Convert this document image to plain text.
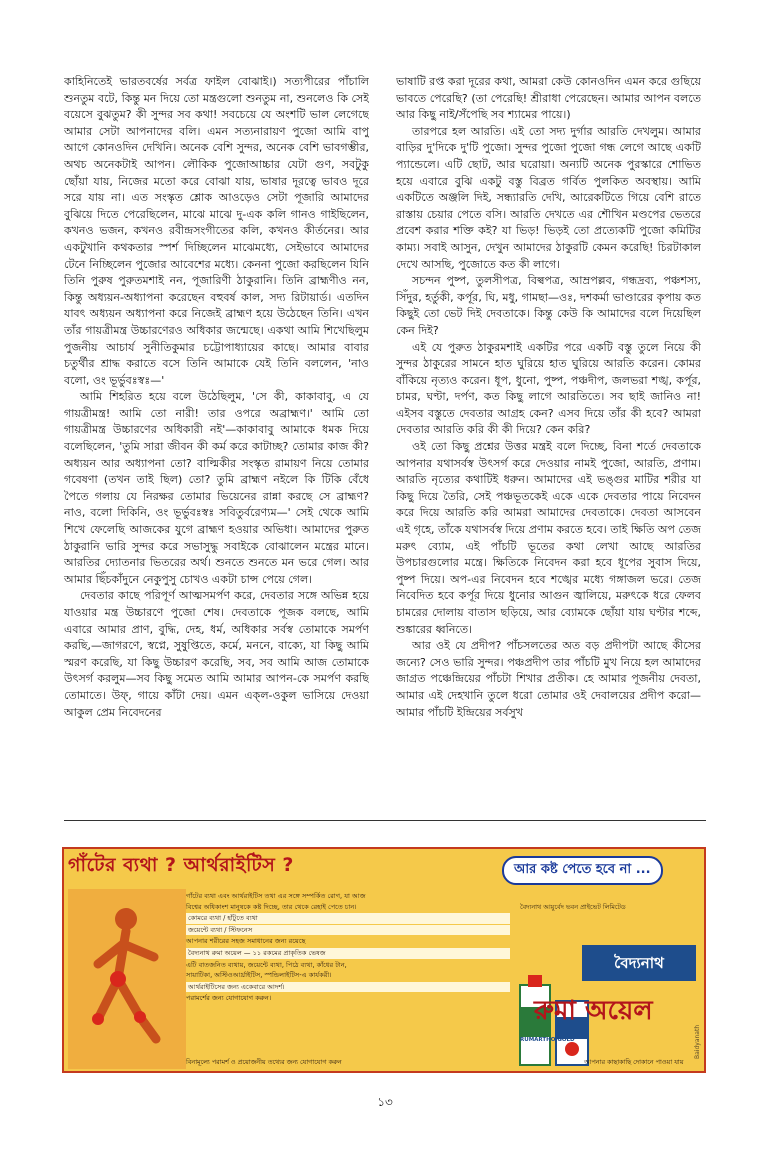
কাহিনিতেই ভারতবর্ষের সর্বত্র ফাইল বোঝাই।) সত্যপীরের পাঁচালি শুনতুম বটে, কিন্তু মন দিয়ে তো মন্ত্রগুলো শুনতুম না, শুনলেও কি সেই বয়েসে বুঝতুম? কী সুন্দর সব কথা! সবচেয়ে যে অংশটি ভাল লেগেছে আমার সেটা আপনাদের বলি। এমন সত্যনারায়ণ পুজো আমি বাপু আগে কোনওদিন দেখিনি। অনেক বেশি সুন্দর, অনেক বেশি ভাবগম্ভীর, অথচ অনেকটাই আপন। লৌকিক পুজোআচ্চার যেটা গুণ, সবটুকু ছোঁয়া যায়, নিজের মতো করে বোঝা যায়, ভাষার দূরত্বে ভাবও দূরে সরে যায় না। এত সংস্কৃত শ্লোক আওড়েও সেটা পূজারি আমাদের বুঝিয়ে দিতে পেরেছিলেন, মাঝে মাঝে দু-এক কলি গানও গাইছিলেন, কখনও ভজন, কখনও রবীন্দ্রসংগীতের কলি, কখনও কীর্তনের। আর একটুখানি কথকতার স্পর্শ দিচ্ছিলেন মাঝেমধ্যে, সেইভাবে আমাদের টেনে নিচ্ছিলেন পুজোর আবেশের মধ্যে। কেননা পুজো করছিলেন যিনি তিনি পুরুষ পুরুতমশাই নন, পূজারিণী ঠাকুরানি। তিনি ব্রাহ্মণীও নন, কিন্তু অধ্যয়ন-অধ্যাপনা করেছেন বহুবর্ষ কাল, সদ্য রিটায়ার্ড। এতদিন যাবৎ অধ্যয়ন অধ্যাপনা করে নিজেই ব্রাহ্মণ হয়ে উঠেছেন তিনি। এখন তাঁর গায়ত্রীমন্ত্র উচ্চারণেরও অধিকার জন্মেছে। একথা আমি শিখেছিলুম পুজনীয় আচার্য সুনীতিকুমার চট্টোপাধ্যায়ের কাছে। আমার বাবার চতুর্থীর শ্রাদ্ধ করাতে বসে তিনি আমাকে যেই তিনি বললেন, 'নাও বলো, ওং ভূর্ভুবঃস্বঃ—'

আমি শিহরিত হয়ে বলে উঠেছিলুম, 'সে কী, কাকাবাবু, এ যে গায়ত্রীমন্ত্র! আমি তো নারী! তার ওপরে অব্রাহ্মণ।' আমি তো গায়ত্রীমন্ত্র উচ্চারণের অধিকারী নই'—কাকাবাবু আমাকে ধমক দিয়ে বলেছিলেন, 'তুমি সারা জীবন কী কর্ম করে কাটাচ্ছ? তোমার কাজ কী? অধ্যয়ন আর অধ্যাপনা তো? বাল্মিকীর সংস্কৃত রামায়ণ নিয়ে তোমার গবেষণা (তখন তাই ছিল) তো? তুমি ব্রাহ্মণ নইলে কি টিকি বেঁধে পৈতে গলায় যে নিরক্ষর তোমার ভিয়েনের রান্না করছে সে ব্রাহ্মণ? নাও, বলো দিকিনি, ওং ভূর্ভুবঃস্বঃ সবিতুর্বরেণ্যম—' সেই থেকে আমি শিখে ফেলেছি আজকের যুগে ব্রাহ্মণ হওয়ার অভিধা। আমাদের পুরুত ঠাকুরানি ভারি সুন্দর করে সভাসুদ্ধু সবাইকে বোঝালেন মন্ত্রের মানে। আরতির দ্যোতনার ভিতরের অর্থ। শুনতে শুনতে মন ভরে গেল। আর আমার ছিঁচকাঁদুনে নেকুপুসু চোখও একটা চান্স পেয়ে গেল।

দেবতার কাছে পরিপূর্ণ আত্মসমর্পণ করে, দেবতার সঙ্গে অভিন্ন হয়ে যাওয়ার মন্ত্র উচ্চারণে পুজো শেষ। দেবতাকে পূজক বলছে, আমি এবারে আমার প্রাণ, বুদ্ধি, দেহ, ধর্ম, অধিকার সর্বস্ব তোমাকে সমর্পণ করছি,—জাগরণে, স্বপ্নে, সুষুপ্তিতে, কর্মে, মননে, বাক্যে, যা কিছু আমি স্মরণ করেছি, যা কিছু উচ্চারণ করেছি, সব, সব আমি আজ তোমাকে উৎসর্গ করলুম—সব কিছু সমেত আমি আমার আপন-কে সমর্পণ করছি তোমাতে। উফ্, গায়ে কাঁটা দেয়। এমন এক্‌ল-ওকুল ভাসিয়ে দেওয়া আকুল প্রেম নিবেদনের

ভাষাটি রপ্ত করা দূরের কথা, আমরা কেউ কোনওদিন এমন করে গুছিয়ে ভাবতে পেরেছি? (তা পেরেছি! শ্রীরাধা পেরেছেন। আমার আপন বলতে আর কিছু নাই/সঁপেছি সব শ্যামের পায়ে।)

তারপরে হল আরতি। এই তো সদ্য দুর্গার আরতি দেখলুম। আমার বাড়ির দু'দিকে দু'টি পুজো। সুন্দর পুজো পুজো গন্ধ লেগে আছে একটি প্যান্ডেলে। এটি ছোট, আর ঘরোয়া। অন্যটি অনেক পুরস্কারে শোভিত হয়ে এবারে বুঝি একটু বস্তু বিব্রত গর্বিত পুলকিত অবস্থায়। আমি একটিতে অঞ্জলি দিই, সন্ধ্যারতি দেখি, আরেকটিতে গিয়ে বেশি রাতে রাস্তায় চেয়ার পেতে বসি। আরতি দেখতে এর শৌখিন মণ্ডপের ভেতরে প্রবেশ করার শক্তি কই? যা ভিড়! ভিড়ই তো প্রত্যেকটি পুজো কমিটির কাম্য। সবাই আসুন, দেখুন আমাদের ঠাকুরটি কেমন করেছি! চিরটাকাল দেখে আসছি, পুজোতে কত কী লাগে।

সচন্দন পুষ্প, তুলসীপত্র, বিল্বপত্র, আম্রপল্লব, গন্ধদ্রব্য, পঞ্চশস্য, সিঁদুর, হর্তুকী, কর্পূর, ঘি, মধু, গামছা—ওঃ, দশকর্মা ভাণ্ডারের কৃপায় কত কিছুই তো ভেট দিই দেবতাকে। কিন্তু কেউ কি আমাদের বলে দিয়েছিল কেন দিই?

এই যে পুরুত ঠাকুরমশাই একটির পরে একটি বস্তু তুলে নিয়ে কী সুন্দর ঠাকুরের সামনে হাত ঘুরিয়ে হাত ঘুরিয়ে আরতি করেন। কোমর বাঁকিয়ে নৃত্যও করেন। ধূপ, ধুনো, পুষ্প, পঞ্চদীপ, জলভরা শঙ্খ, কর্পূর, চামর, ঘণ্টা, দর্পণ, কত কিছু লাগে আরতিতে। সব ছাই জানিও না! এইসব বস্তুতে দেবতার আগ্রহ কেন? এসব দিয়ে তাঁর কী হবে? আমরা দেবতার আরতি করি কী কী দিয়ে? কেন করি?

ওই তো কিছু প্রশ্নের উত্তর মন্ত্রই বলে দিচ্ছে, বিনা শর্তে দেবতাকে আপনার যথাসর্বস্ব উৎসর্গ করে দেওয়ার নামই পুজো, আরতি, প্রণাম। আরতি নৃত্যের কথাটিই ধরুন। আমাদের এই ভঙ্গুর মাটির শরীর যা কিছু দিয়ে তৈরি, সেই পঞ্চভূতকেই একে একে দেবতার পায়ে নিবেদন করে দিয়ে আরতি করি আমরা আমাদের দেবতাকে। দেবতা আসবেন এই গৃহে, তাঁকে যথাসর্বস্ব দিয়ে প্রণাম করতে হবে। তাই ক্ষিতি অপ তেজ মরুৎ ব্যোম, এই পাঁচটি ভূতের কথা লেখা আছে আরতির উপচারগুলোর মন্ত্রে। ক্ষিতিকে নিবেদন করা হবে ধূপের সুবাস দিয়ে, পুষ্প দিয়ে। অপ-এর নিবেদন হবে শঙ্খের মধ্যে গঙ্গাজল ভরে। তেজ নিবেদিত হবে কর্পূর দিয়ে ধুনোর আগুন জ্বালিয়ে, মরুৎকে ধরে ফেলব চামরের দোলায় বাতাস ছড়িয়ে, আর ব্যোমকে ছোঁয়া যায় ঘণ্টার শব্দে, শুঙ্কারের ধ্বনিতে।

আর ওই যে প্রদীপ? পাঁচসলতের অত বড় প্রদীপটা আছে কীসের জন্যে? সেও ভারি সুন্দর। পঞ্চপ্রদীপ তার পাঁচটি মুখ নিয়ে হল আমাদের জাগ্রত পঞ্চেন্দ্রিয়ের পাঁচটা শিখার প্রতীক। হে আমার পূজনীয় দেবতা, আমার এই দেহখানি তুলে ধরো তোমার ওই দেবালয়ের প্রদীপ করো—আমার পাঁচটি ইন্দ্রিয়ের সর্বসুখ

গাঁটের ব্যথা ? আর্থরাইটিস ?	আর কষ্ট পেতে হবে না ...
গাঁটের ব্যথা এবং আর্থরাইটিস তথা এর সঙ্গে সম্পর্কিত রোগ, যা আজ
বিশ্বের অধিকাংশ মানুষকে কষ্ট দিচ্ছে, তার থেকে রেহাই পেতে চান।
কোমরে ব্যথা / হাঁটুতে ব্যথা
জয়েন্টে ব্যথা / স্টিফনেস
আপনার শরীরের সহজ সমাধানের জন্য রয়েছে
বৈদ্যনাথ রুমা অয়েল — ১১ রকমের প্রাকৃতিক ভেষজ
এটি বাতজনিত ব্যথায়, জয়েন্টে ব্যথা, পিঠে ব্যথা, কাঁধের টান,
সায়াটিকা, অস্টিওআর্থ্রাইটিস, স্পন্ডিলাইটিস-এ কার্যকরী।
আর্থরাইটিসের জন্য একেবারে আদর্শ।
পরামর্শের জন্য যোগাযোগ করুন।
বৈদ্যনাথ আয়ুর্বেদ ভবন প্রাইভেট লিমিটেড
RUMARTHO GOLD
বৈদ্যনাথ
রুমা অয়েল
Baidyanath
বিনামূল্যে পরামর্শ ও প্রয়োজনীয় তথ্যের জন্য যোগাযোগ করুন	আপনার কাছাকাছি দোকানে পাওয়া যায়
১৩
